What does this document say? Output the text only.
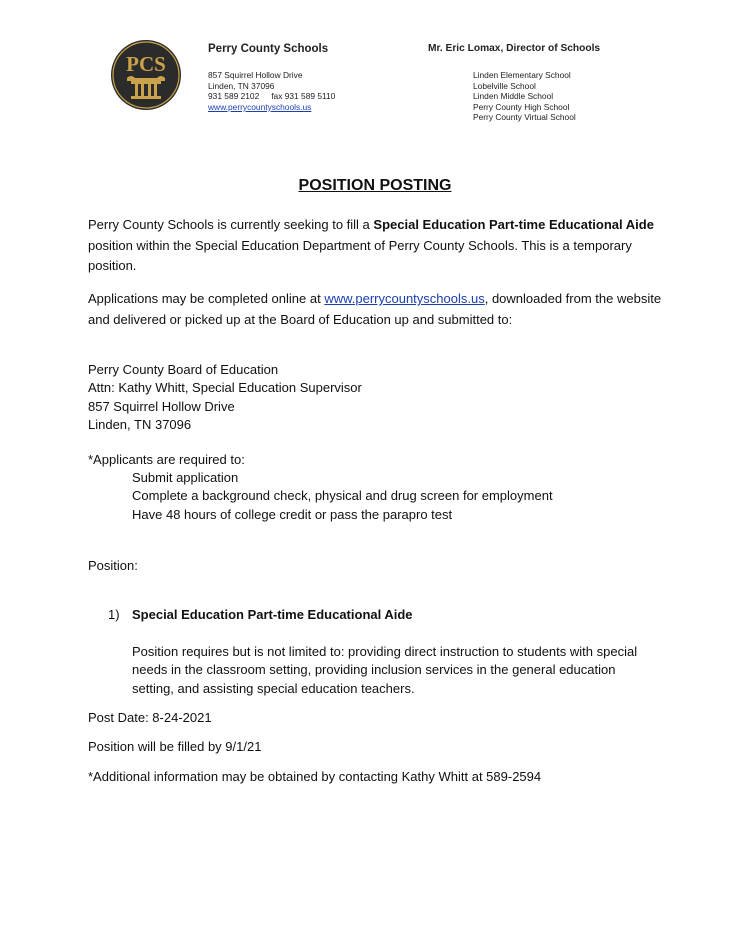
PCS
Perry County Schools
857 Squirrel Hollow Drive
Linden, TN 37096
931 589 2102 fax 931 589 5110
www.perrycountyschools.us
Mr. Eric Lomax, Director of Schools
Linden Elementary School
Lobelville School
Linden Middle School
Perry County High School
Perry County Virtual School
POSITION POSTING
Perry County Schools is currently seeking to fill a Special Education Part-time Educational Aide position within the Special Education Department of Perry County Schools. This is a temporary position.
Applications may be completed online at www.perrycountyschools.us, downloaded from the website and delivered or picked up at the Board of Education up and submitted to:
Perry County Board of Education
Attn: Kathy Whitt, Special Education Supervisor
857 Squirrel Hollow Drive
Linden, TN 37096
*Applicants are required to:
Submit application
Complete a background check, physical and drug screen for employment
Have 48 hours of college credit or pass the parapro test
Position:
1) Special Education Part-time Educational Aide
Position requires but is not limited to: providing direct instruction to students with special needs in the classroom setting, providing inclusion services in the general education setting, and assisting special education teachers.
Post Date: 8-24-2021
Position will be filled by 9/1/21
*Additional information may be obtained by contacting Kathy Whitt at 589-2594
